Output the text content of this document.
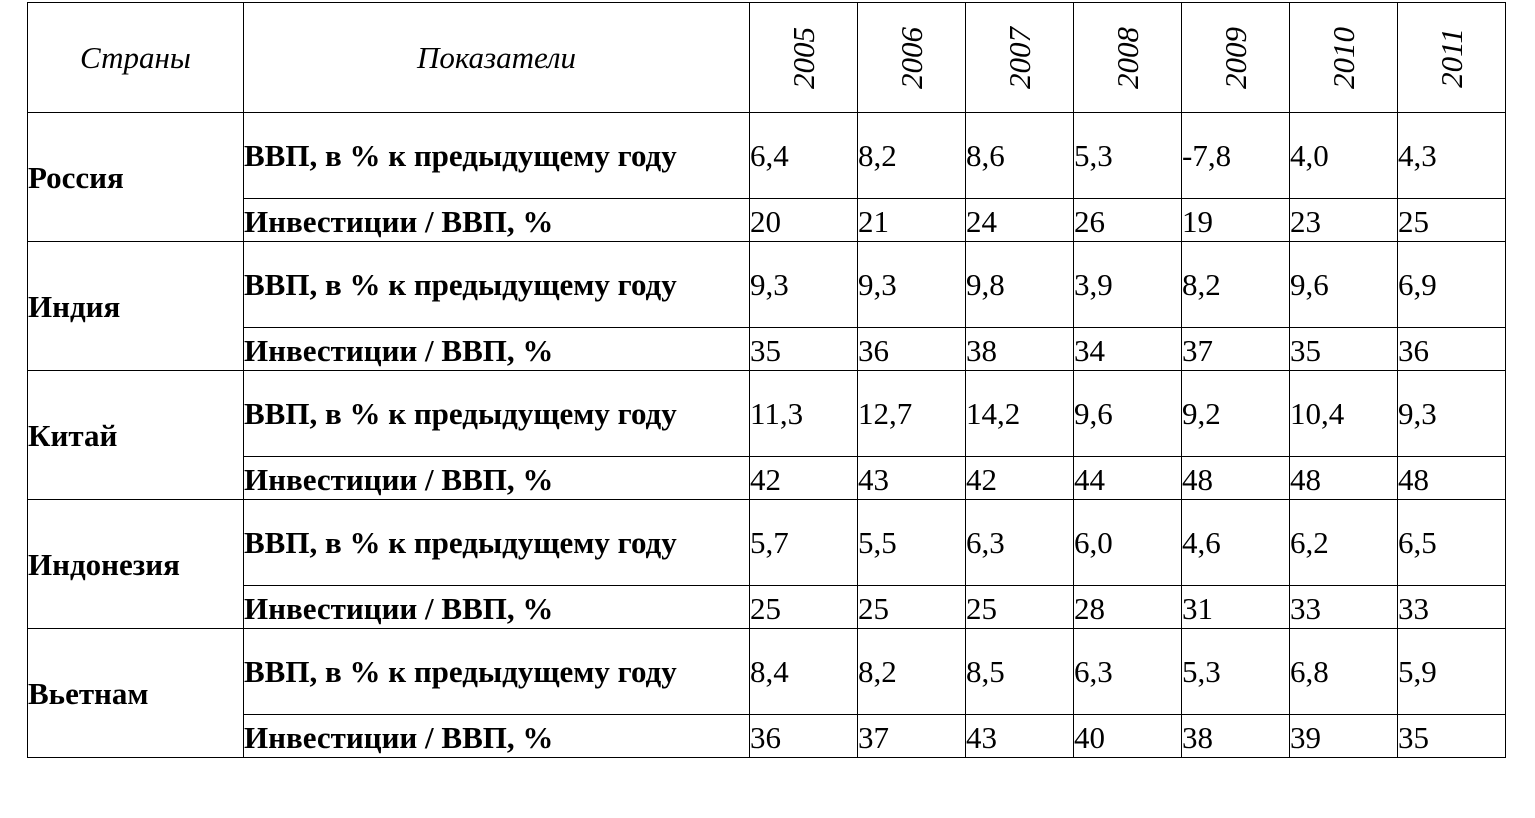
Страны	Показатели	2005	2006	2007	2008	2009	2010	2011

Россия	ВВП, в % к предыдущему году	6,4	8,2	8,6	5,3	-7,8	4,0	4,3
	Инвестиции / ВВП, %	20	21	24	26	19	23	25
Индия	ВВП, в % к предыдущему году	9,3	9,3	9,8	3,9	8,2	9,6	6,9
	Инвестиции / ВВП, %	35	36	38	34	37	35	36
Китай	ВВП, в % к предыдущему году	11,3	12,7	14,2	9,6	9,2	10,4	9,3
	Инвестиции / ВВП, %	42	43	42	44	48	48	48
Индонезия	ВВП, в % к предыдущему году	5,7	5,5	6,3	6,0	4,6	6,2	6,5
	Инвестиции / ВВП, %	25	25	25	28	31	33	33
Вьетнам	ВВП, в % к предыдущему году	8,4	8,2	8,5	6,3	5,3	6,8	5,9
	Инвестиции / ВВП, %	36	37	43	40	38	39	35
